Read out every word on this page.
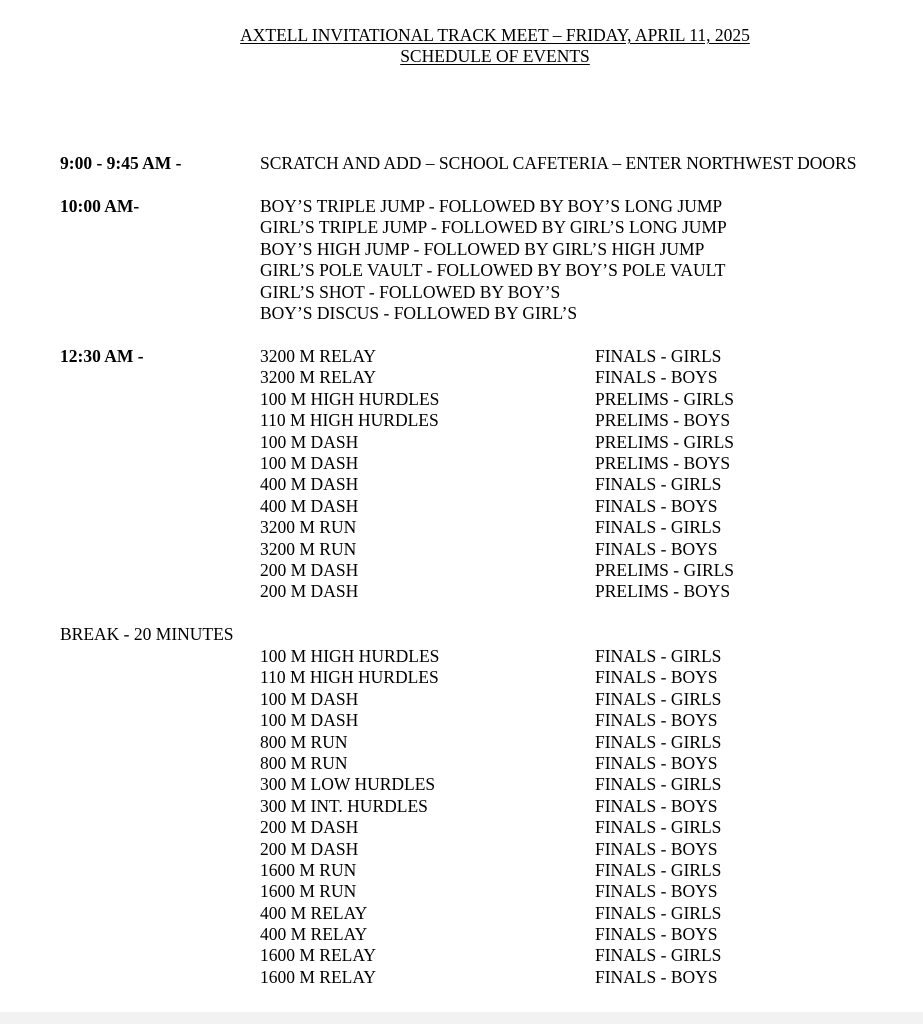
AXTELL INVITATIONAL TRACK MEET – FRIDAY, APRIL 11, 2025
SCHEDULE OF EVENTS
9:00 - 9:45 AM -	SCRATCH AND ADD – SCHOOL CAFETERIA – ENTER NORTHWEST DOORS
10:00 AM-	BOY’S TRIPLE JUMP - FOLLOWED BY BOY’S LONG JUMP
GIRL’S TRIPLE JUMP - FOLLOWED BY GIRL’S LONG JUMP
BOY’S HIGH JUMP - FOLLOWED BY GIRL’S HIGH JUMP
GIRL’S POLE VAULT - FOLLOWED BY BOY’S POLE VAULT
GIRL’S SHOT - FOLLOWED BY BOY’S
BOY’S DISCUS - FOLLOWED BY GIRL’S
12:30 AM -	3200 M RELAY	FINALS - GIRLS
3200 M RELAY	FINALS - BOYS
100 M HIGH HURDLES	PRELIMS - GIRLS
110 M HIGH HURDLES	PRELIMS - BOYS
100 M DASH	PRELIMS - GIRLS
100 M DASH	PRELIMS - BOYS
400 M DASH	FINALS - GIRLS
400 M DASH	FINALS - BOYS
3200 M RUN	FINALS - GIRLS
3200 M RUN	FINALS - BOYS
200 M DASH	PRELIMS - GIRLS
200 M DASH	PRELIMS - BOYS
BREAK - 20 MINUTES
100 M HIGH HURDLES	FINALS - GIRLS
110 M HIGH HURDLES	FINALS - BOYS
100 M DASH	FINALS - GIRLS
100 M DASH	FINALS - BOYS
800 M RUN	FINALS - GIRLS
800 M RUN	FINALS - BOYS
300 M LOW HURDLES	FINALS - GIRLS
300 M INT. HURDLES	FINALS - BOYS
200 M DASH	FINALS - GIRLS
200 M DASH	FINALS - BOYS
1600 M RUN	FINALS - GIRLS
1600 M RUN	FINALS - BOYS
400 M RELAY	FINALS - GIRLS
400 M RELAY	FINALS - BOYS
1600 M RELAY	FINALS - GIRLS
1600 M RELAY	FINALS - BOYS
